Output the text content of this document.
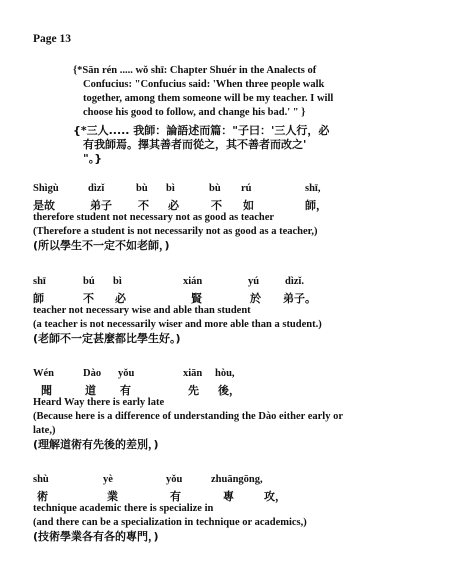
Page 13
{*Sān rén ..... wǒ shī: Chapter Shuér in the Analects of
Confucius: "Confucius said: 'When three people walk
together, among them someone will be my teacher. I will
choose his good to follow, and change his bad.' " }
{*三人..... 我師：論語述而篇："子曰：'三人行，必
有我師焉。擇其善者而從之，其不善者而改之'
"。}
Shìgù	dìzǐ	bù bì	bù rú	shī,
是故	弟子 不 必	不 如	師，
therefore student not necessary not as good as teacher
(Therefore a student is not necessarily not as good as a teacher,)
(所以學生不一定不如老師，)
shī	bú bì	xián	yú dìzǐ.
師	不 必	賢	於 弟子。
teacher not necessary wise and able than student
(a teacher is not necessarily wiser and more able than a student.)
(老師不一定甚麼都比學生好。)
Wén	Dào yǒu	xiān hòu,
聞	道 有	先 後，
Heard Way there is early late
(Because here is a difference of understanding the Dào either early or
late,)
(理解道術有先後的差別，)
shù	yè	yǒu	zhuāngōng,
術	業	有	專	攻，
technique academic there is specialize in
(and there can be a specialization in technique or academics,)
(技術學業各有各的專門，)
